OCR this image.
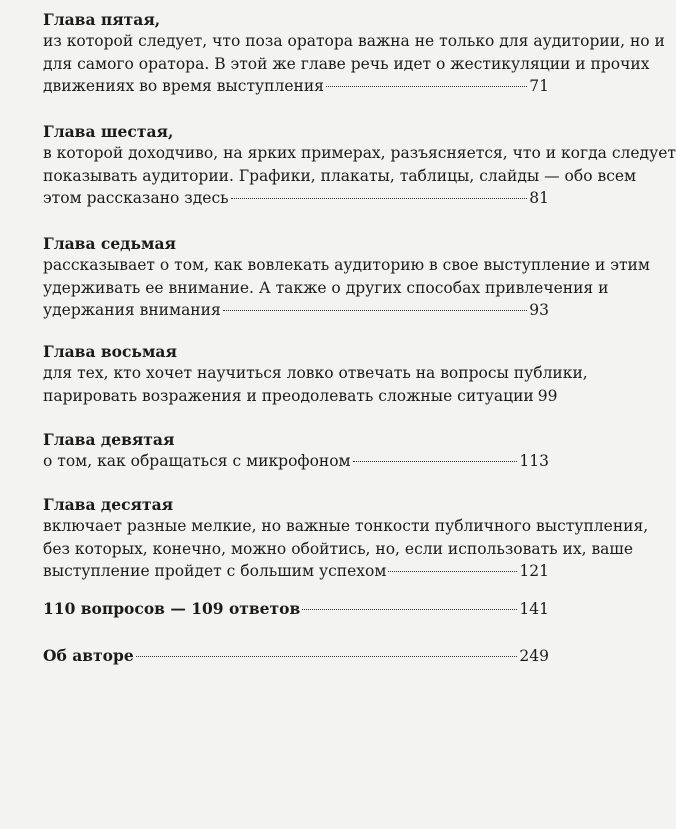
Глава пятая,
из которой следует, что поза оратора важна не только для аудитории, но и
для самого оратора. В этой же главе речь идет о жестикуляции и прочих
движениях во время выступления	71
Глава шестая,
в которой доходчиво, на ярких примерах, разъясняется, что и когда следует
показывать аудитории. Графики, плакаты, таблицы, слайды — обо всем
этом рассказано здесь	81
Глава седьмая
рассказывает о том, как вовлекать аудиторию в свое выступление и этим
удерживать ее внимание. А также о других способах привлечения и
удержания внимания	93
Глава восьмая
для тех, кто хочет научиться ловко отвечать на вопросы публики,
парировать возражения и преодолевать сложные ситуации 99
Глава девятая
о том, как обращаться с микрофоном	113
Глава десятая
включает разные мелкие, но важные тонкости публичного выступления,
без которых, конечно, можно обойтись, но, если использовать их, ваше
выступление пройдет с большим успехом	121
110 вопросов — 109 ответов	141
Об авторе	249
